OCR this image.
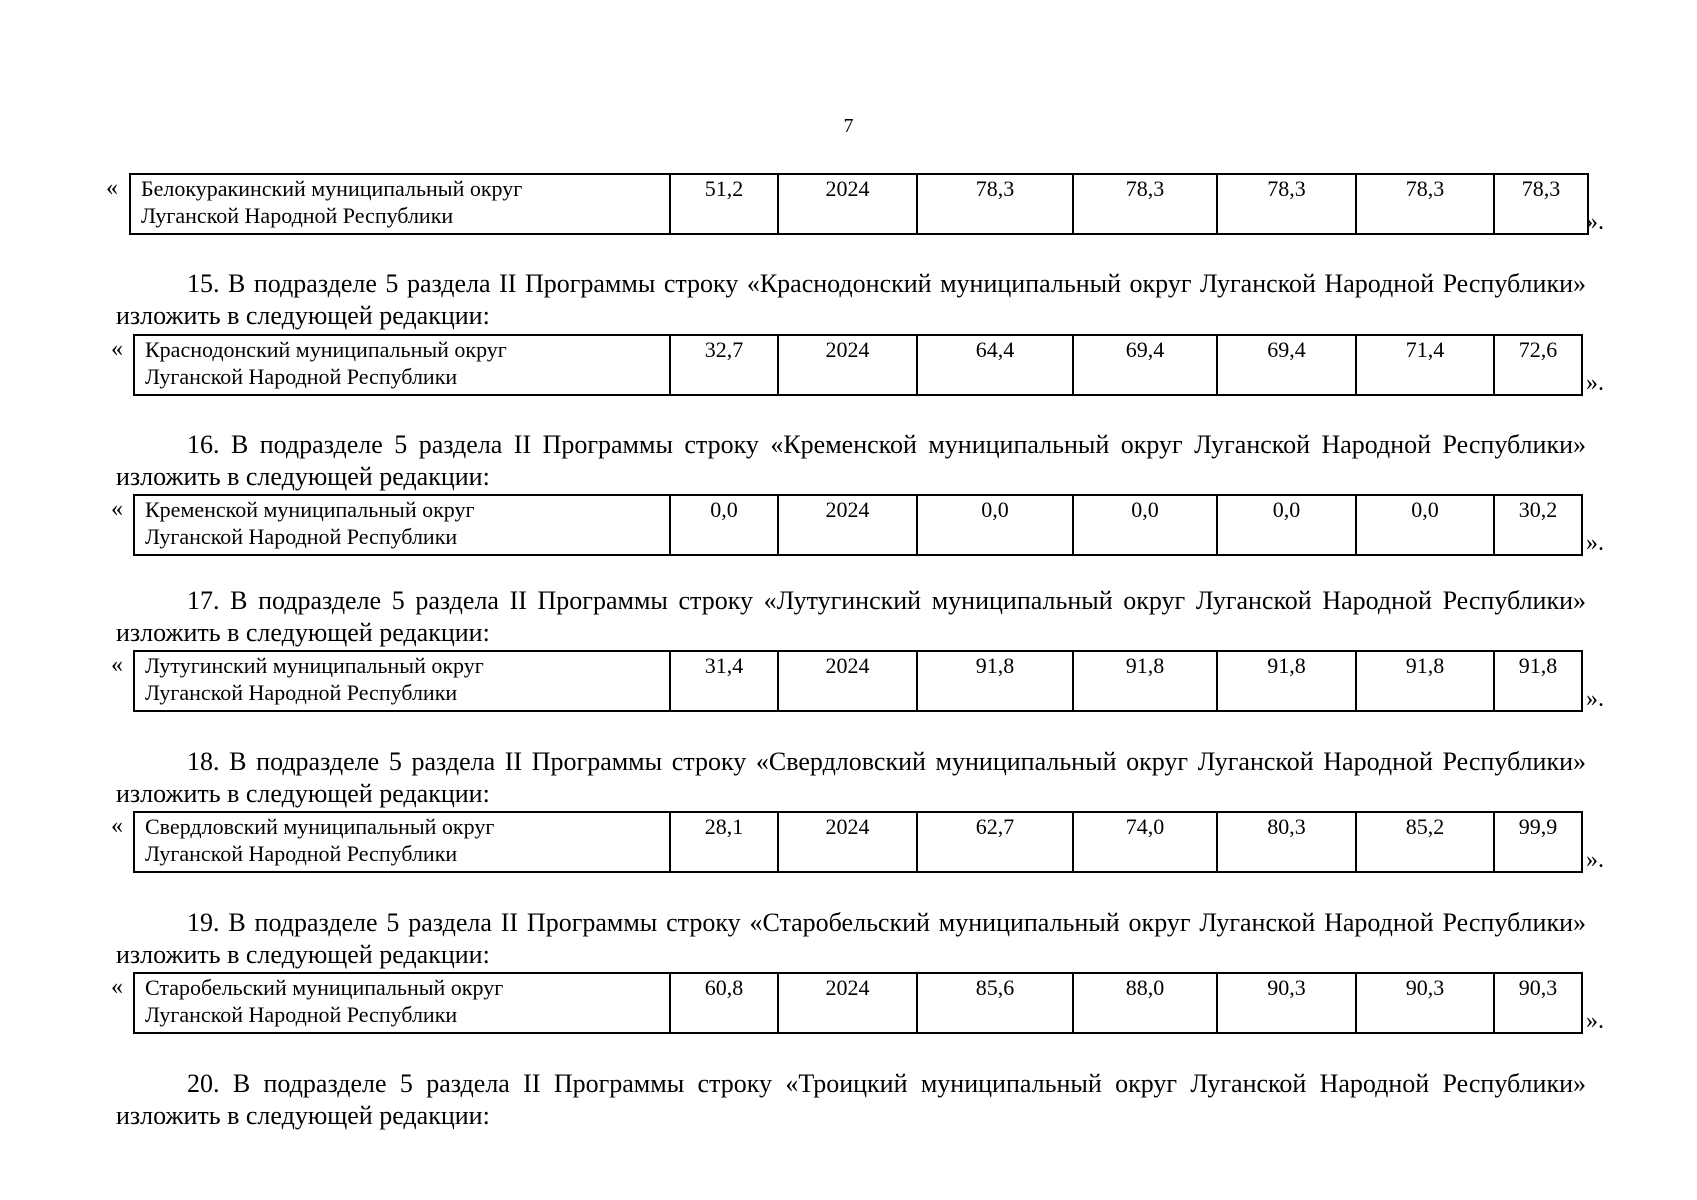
7
« Белокуракинский муниципальный округ
Луганской Народной Республики	51,2	2024	78,3	78,3	78,3	78,3	78,3
».
15. В подразделе 5 раздела II Программы строку «Краснодонский муниципальный округ Луганской Народной Республики» изложить в следующей редакции:
« Краснодонский муниципальный округ
Луганской Народной Республики	32,7	2024	64,4	69,4	69,4	71,4	72,6
».
16. В подразделе 5 раздела II Программы строку «Кременской муниципальный округ Луганской Народной Республики» изложить в следующей редакции:
« Кременской муниципальный округ
Луганской Народной Республики	0,0	2024	0,0	0,0	0,0	0,0	30,2
».
17. В подразделе 5 раздела II Программы строку «Лутугинский муниципальный округ Луганской Народной Республики» изложить в следующей редакции:
« Лутугинский муниципальный округ
Луганской Народной Республики	31,4	2024	91,8	91,8	91,8	91,8	91,8
».
18. В подразделе 5 раздела II Программы строку «Свердловский муниципальный округ Луганской Народной Республики» изложить в следующей редакции:
« Свердловский муниципальный округ
Луганской Народной Республики	28,1	2024	62,7	74,0	80,3	85,2	99,9
».
19. В подразделе 5 раздела II Программы строку «Старобельский муниципальный округ Луганской Народной Республики» изложить в следующей редакции:
« Старобельский муниципальный округ
Луганской Народной Республики	60,8	2024	85,6	88,0	90,3	90,3	90,3
».
20. В подразделе 5 раздела II Программы строку «Троицкий муниципальный округ Луганской Народной Республики» изложить в следующей редакции:
